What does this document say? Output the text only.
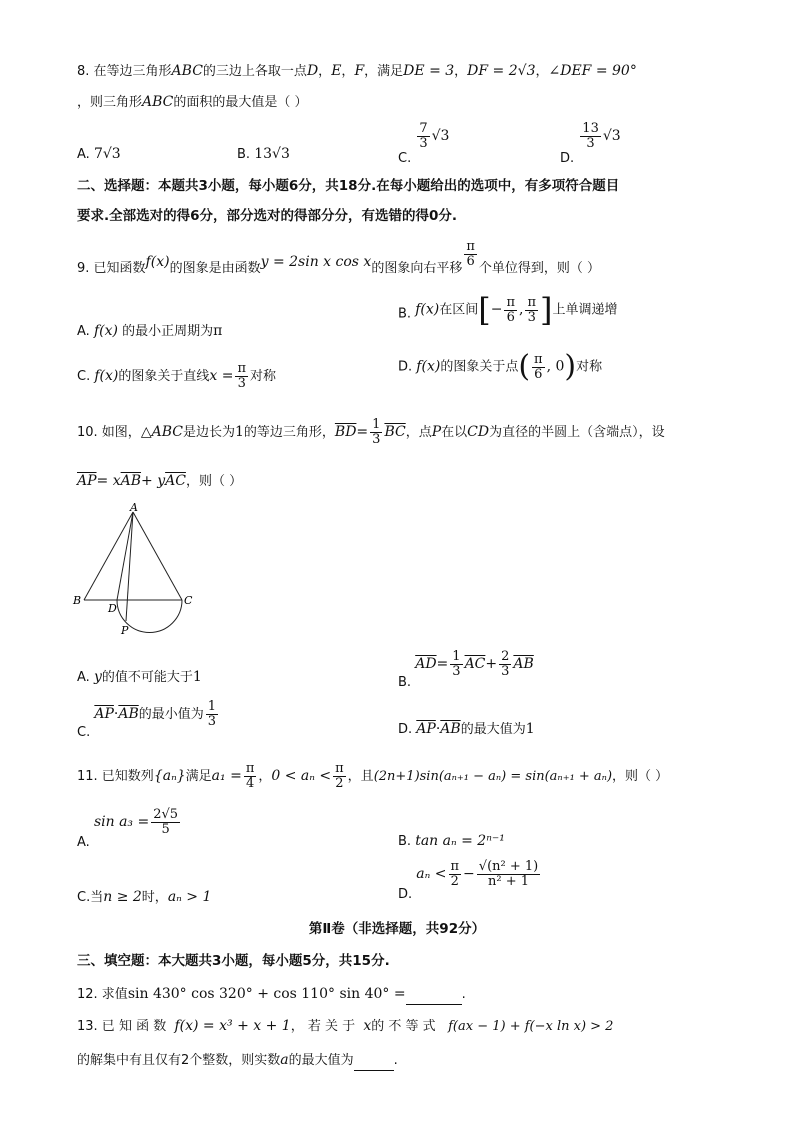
8. 在等边三角形ABC的三边上各取一点D，E，F，满足DE = 3，DF = 2√3，∠DEF = 90°
，则三角形ABC的面积的最大值是（ ）
A. 7√3	B. 13√3	C.
$\frac{7}{3} √3$
D.
$\frac{13}{3} √3$
二、选择题：本题共3小题，每小题6分，共18分.在每小题给出的选项中，有多项符合题目
要求.全部选对的得6分，部分选对的得部分分，有选错的得0分.
9. 已知函数f(x)的图象是由函数y = 2sin x cos x的图象向右平移 $\frac{\pi}{6}$ 个单位得到，则（ ）
A. f(x) 的最小正周期为π
B. f(x)在区间[− $\frac{\pi}{6}$ , $\frac{\pi}{3}$ ]上单调递增
C. f(x)的图象关于直线$x = \frac{\pi}{3}$ 对称
D. f(x)的图象关于点( $\frac{\pi}{6}$ , 0)对称
10. 如图，△ABC是边长为1的等边三角形，$\overline{BD}= \frac{1}{3} \overline{BC}$，点P在以CD为直径的半圆上（含端点），设
$\overline{AP}= x\overline{AB}+ y\overline{AC}$，则（ ）
A
B	C
D
P
A. y的值不可能大于1	B. $\overline{AD}= \frac{1}{3} \overline{AC}+ \frac{2}{3} \overline{AB}$
C. $\overline{AP}\cdot\overline{AB}$的最小值为 $\frac{1}{3}$
D. $\overline{AP}\cdot\overline{AB}$的最大值为1
11. 已知数列{aₙ}满足$a_1 = \frac{\pi}{4}$ ，$0 < a_n < \frac{\pi}{2}$ ，且(2n+1)sin(aₙ₊₁ − aₙ) = sin(aₙ₊₁ + aₙ)，则（ ）
A. $\sin a_3 = \frac{2√5}{5}$
B. tan aₙ = 2ⁿ⁻¹
C.当n ≥ 2时，aₙ > 1	D. $a_n < \frac{\pi}{2} - \frac{\text{√(n² + 1)}}{\text{n² + 1}}$
第Ⅱ卷（非选择题，共92分）
三、填空题：本大题共3小题，每小题5分，共15分.
12. 求值sin 430° cos 320° + cos 110° sin 40° =	.
13. 已 知 函 数 f(x) = x³ + x + 1， 若 关 于 x的 不 等 式 f(ax − 1) + f(−x ln x) > 2
的解集中有且仅有2个整数，则实数a的最大值为	.
